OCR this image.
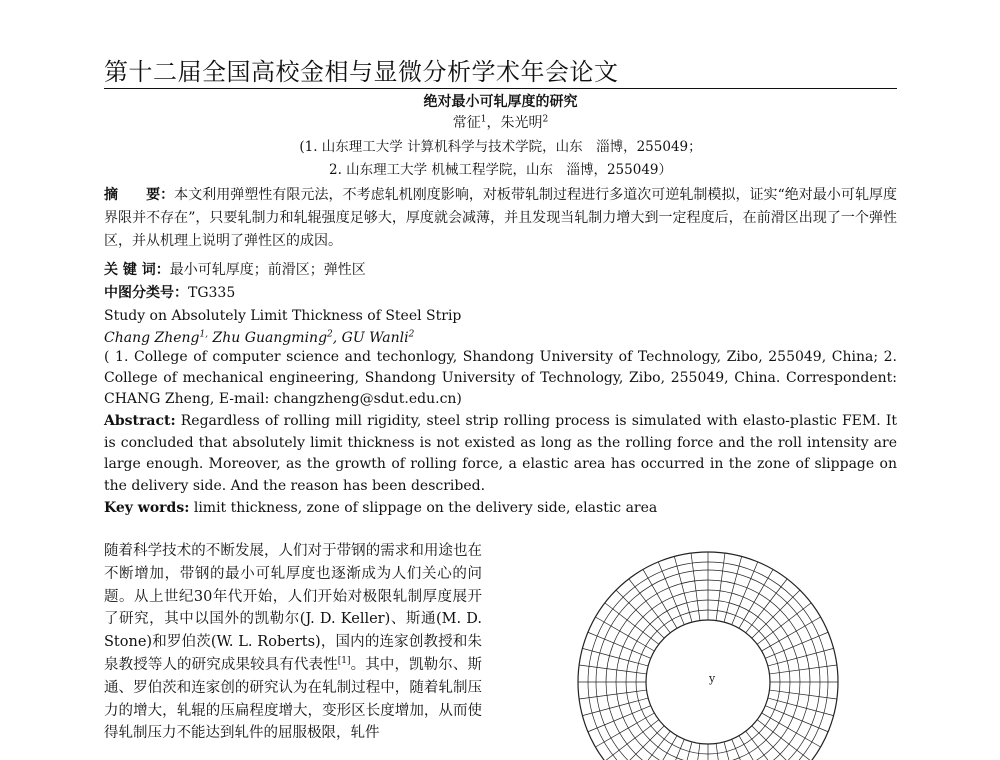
第十二届全国高校金相与显微分析学术年会论文
绝对最小可轧厚度的研究
常征$^1$，朱光明$^2$
(1. 山东理工大学 计算机科学与技术学院，山东　淄博，255049；
2. 山东理工大学 机械工程学院，山东　淄博，255049）
摘　　要：本文利用弹塑性有限元法，不考虑轧机刚度影响，对板带轧制过程进行多道次可逆轧制模拟，证实“绝对最小可轧厚度界限并不存在”，只要轧制力和轧辊强度足够大，厚度就会减薄，并且发现当轧制力增大到一定程度后，在前滑区出现了一个弹性区，并从机理上说明了弹性区的成因。
关 键 词：最小可轧厚度；前滑区；弹性区
中图分类号：TG335
Study on Absolutely Limit Thickness of Steel Strip
Chang Zheng$^{1,}$ Zhu Guangming$^2$, GU Wanli$^2$
( 1. College of computer science and techonlogy, Shandong University of Technology, Zibo, 255049, China; 2. College of mechanical engineering, Shandong University of Technology, Zibo, 255049, China. Correspondent: CHANG Zheng, E-mail: changzheng@sdut.edu.cn)
Abstract: Regardless of rolling mill rigidity, steel strip rolling process is simulated with elasto-plastic FEM. It is concluded that absolutely limit thickness is not existed as long as the rolling force and the roll intensity are large enough. Moreover, as the growth of rolling force, a elastic area has occurred in the zone of slippage on the delivery side. And the reason has been described.
Key words: limit thickness, zone of slippage on the delivery side, elastic area
随着科学技术的不断发展，人们对于带钢的需求和用途也在不断增加，带钢的最小可轧厚度也逐渐成为人们关心的问题。从上世纪30年代开始，人们开始对极限轧制厚度展开了研究，其中以国外的凯勒尔(J. D. Keller)、斯通(M. D. Stone)和罗伯茨(W. L. Roberts)，国内的连家创教授和朱泉教授等人的研究成果较具有代表性[1]。其中，凯勒尔、斯通、罗伯茨和连家创的研究认为在轧制过程中，随着轧制压力的增大，轧辊的压扁程度增大，变形区长度增加，从而使得轧制压力不能达到轧件的屈服极限，轧件
y
